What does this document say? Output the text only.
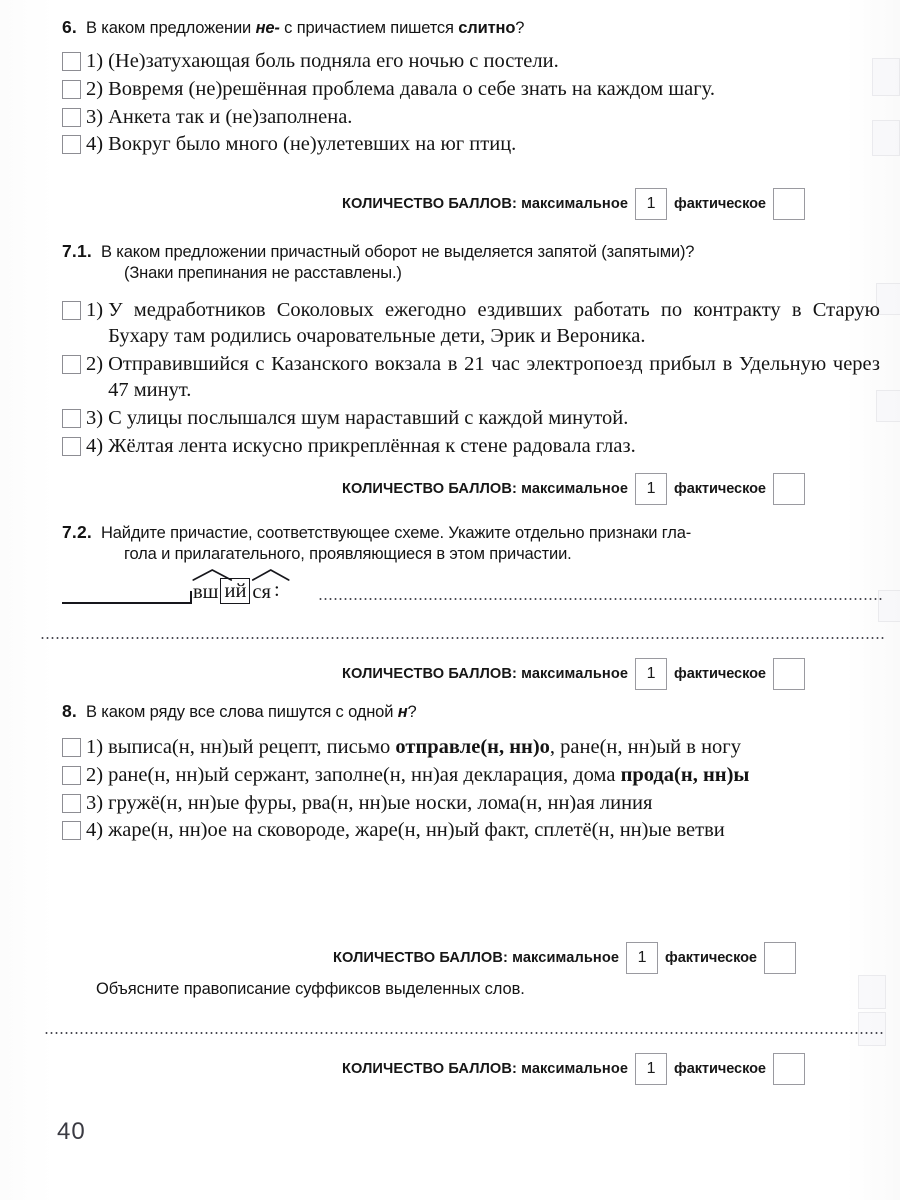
6. В каком предложении не- с причастием пишется слитно?
1) (Не)затухающая боль подняла его ночью с постели.
2) Вовремя (не)решённая проблема давала о себе знать на каждом шагу.
3) Анкета так и (не)заполнена.
4) Вокруг было много (не)улетевших на юг птиц.
КОЛИЧЕСТВО БАЛЛОВ: максимальное	1	фактическое
7.1. В каком предложении причастный оборот не выделяется запятой (запятыми)?
(Знаки препинания не расставлены.)
1) У медработников Соколовых ежегодно ездивших работать по контракту в Старую Бухару там родились очаровательные дети, Эрик и Вероника.
2) Отправившийся с Казанского вокзала в 21 час электропоезд прибыл в Удельную через 47 минут.
3) С улицы послышался шум нараставший с каждой минутой.
4) Жёлтая лента искусно прикреплённая к стене радовала глаз.
КОЛИЧЕСТВО БАЛЛОВ: максимальное	1	фактическое
7.2. Найдите причастие, соответствующее схеме. Укажите отдельно признаки гла-
гола и прилагательного, проявляющиеся в этом причастии.
вш ий ся :
КОЛИЧЕСТВО БАЛЛОВ: максимальное	1	фактическое
8. В каком ряду все слова пишутся с одной н?
1) выписа(н, нн)ый рецепт, письмо отправле(н, нн)о, ране(н, нн)ый в ногу
2) ране(н, нн)ый сержант, заполне(н, нн)ая декларация, дома прода(н, нн)ы
3) гружё(н, нн)ые фуры, рва(н, нн)ые носки, лома(н, нн)ая линия
4) жаре(н, нн)ое на сковороде, жаре(н, нн)ый факт, сплетё(н, нн)ые ветви
КОЛИЧЕСТВО БАЛЛОВ: максимальное	1	фактическое
Объясните правописание суффиксов выделенных слов.
КОЛИЧЕСТВО БАЛЛОВ: максимальное	1	фактическое
40
